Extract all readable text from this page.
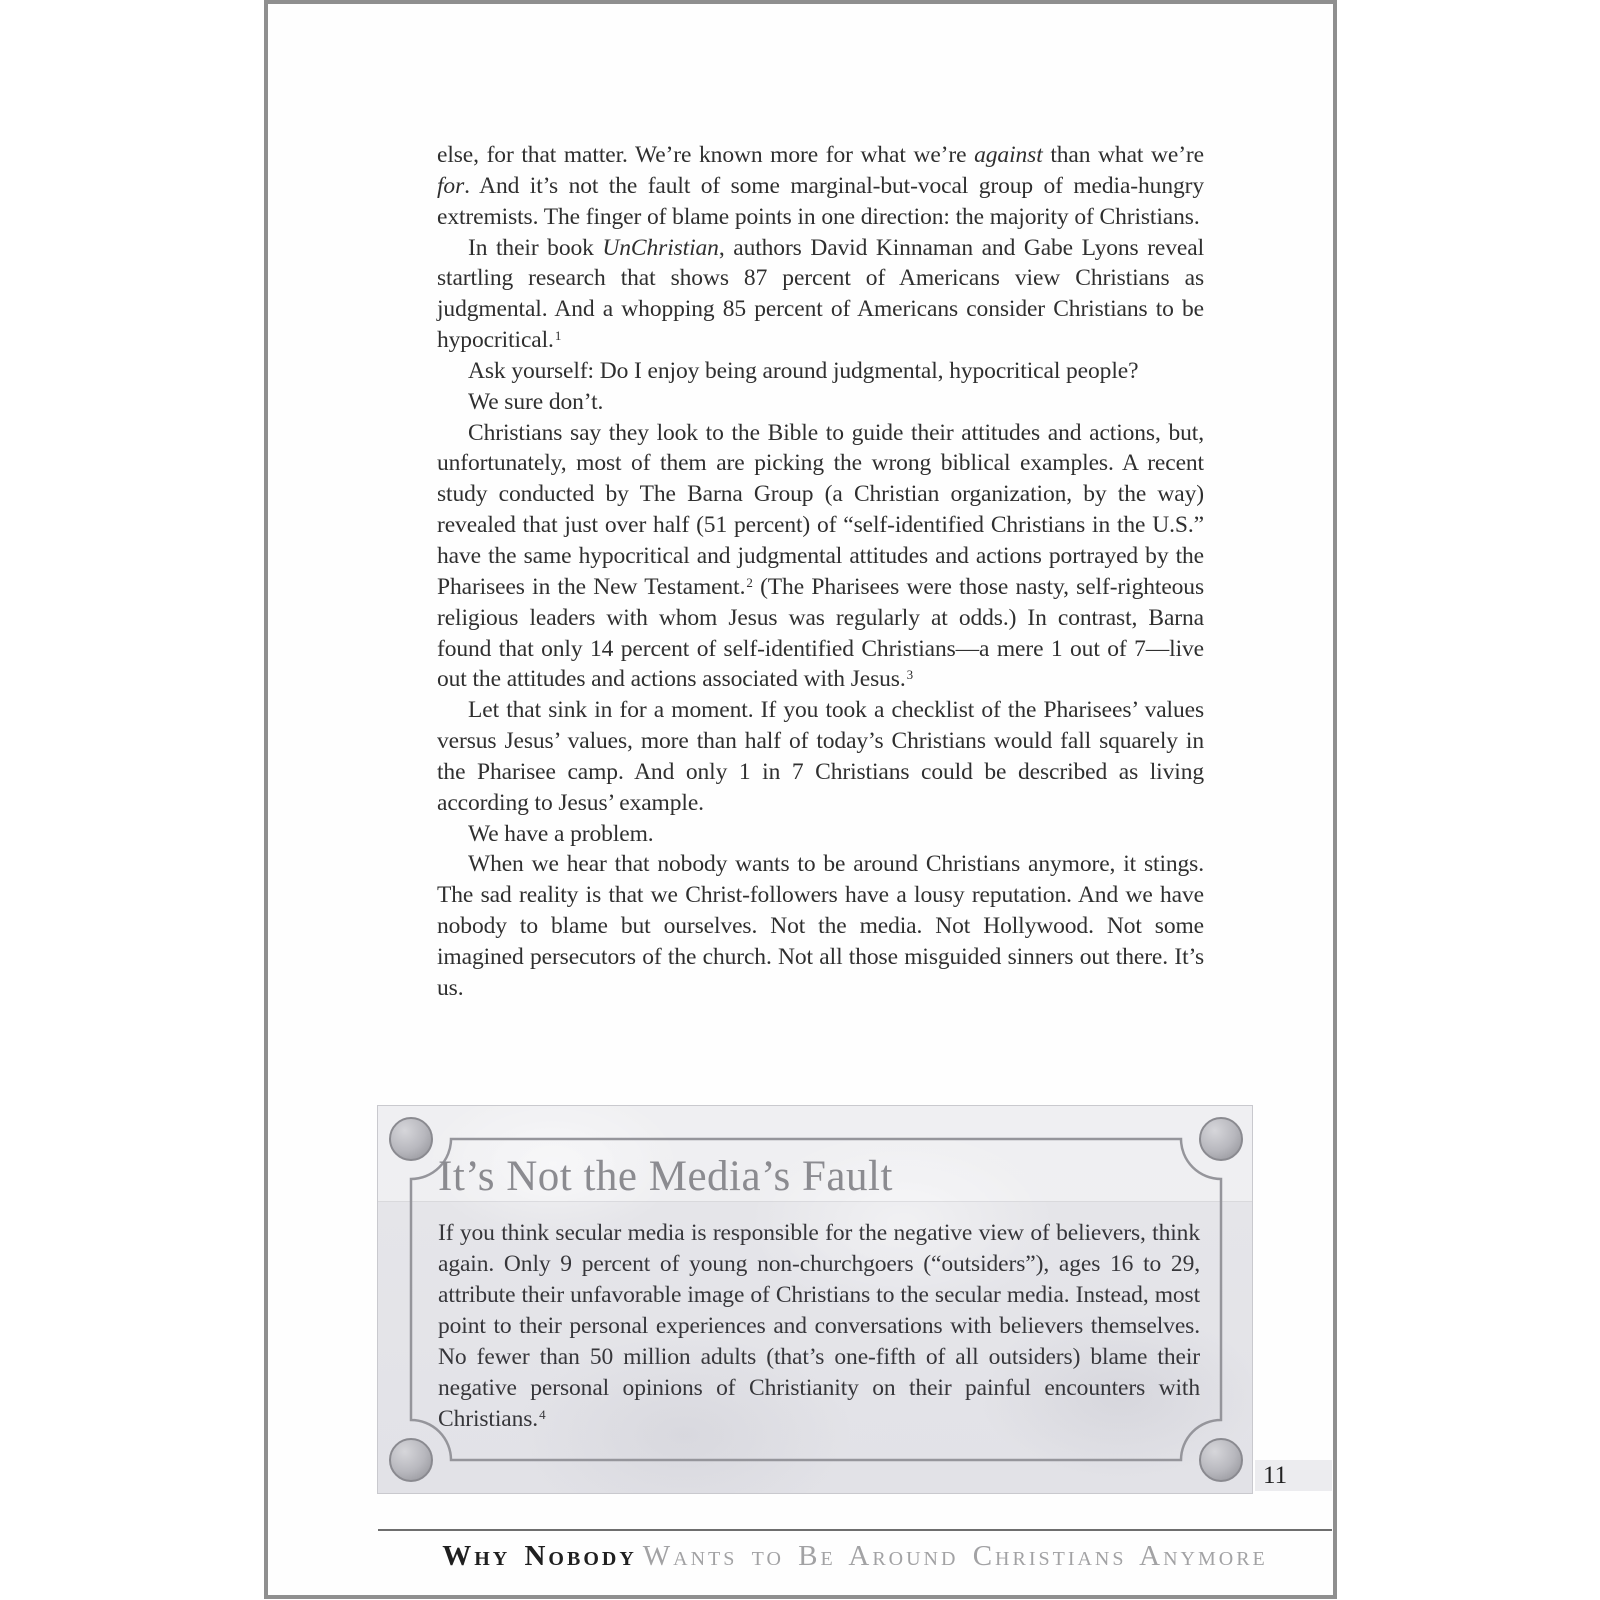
else, for that matter. We’re known more for what we’re against than what we’re for. And it’s not the fault of some marginal-but-vocal group of media-hungry extremists. The finger of blame points in one direction: the majority of Christians.

In their book UnChristian, authors David Kinnaman and Gabe Lyons reveal startling research that shows 87 percent of Americans view Christians as judgmental. And a whopping 85 percent of Americans consider Christians to be hypocritical.$^1$

Ask yourself: Do I enjoy being around judgmental, hypocritical people?

We sure don’t.

Christians say they look to the Bible to guide their attitudes and actions, but, unfortunately, most of them are picking the wrong biblical examples. A recent study conducted by The Barna Group (a Christian organization, by the way) revealed that just over half (51 percent) of “self-identified Christians in the U.S.” have the same hypocritical and judgmental attitudes and actions portrayed by the Pharisees in the New Testament.$^2$ (The Pharisees were those nasty, self-righteous religious leaders with whom Jesus was regularly at odds.) In contrast, Barna found that only 14 percent of self-identified Christians—a mere 1 out of 7—live out the attitudes and actions associated with Jesus.$^3$

Let that sink in for a moment. If you took a checklist of the Pharisees’ values versus Jesus’ values, more than half of today’s Christians would fall squarely in the Pharisee camp. And only 1 in 7 Christians could be described as living according to Jesus’ example.

We have a problem.

When we hear that nobody wants to be around Christians anymore, it stings. The sad reality is that we Christ-followers have a lousy reputation. And we have nobody to blame but ourselves. Not the media. Not Hollywood. Not some imagined persecutors of the church. Not all those misguided sinners out there. It’s us.

It’s Not the Media’s Fault
If you think secular media is responsible for the negative view of believers, think again. Only 9 percent of young non-churchgoers (“outsiders”), ages 16 to 29, attribute their unfavorable image of Christians to the secular media. Instead, most point to their personal experiences and conversations with believers themselves. No fewer than 50 million adults (that’s one-fifth of all outsiders) blame their negative personal opinions of Christianity on their painful encounters with Christians.$^4$
11
Why Nobody Wants to Be Around Christians Anymore
